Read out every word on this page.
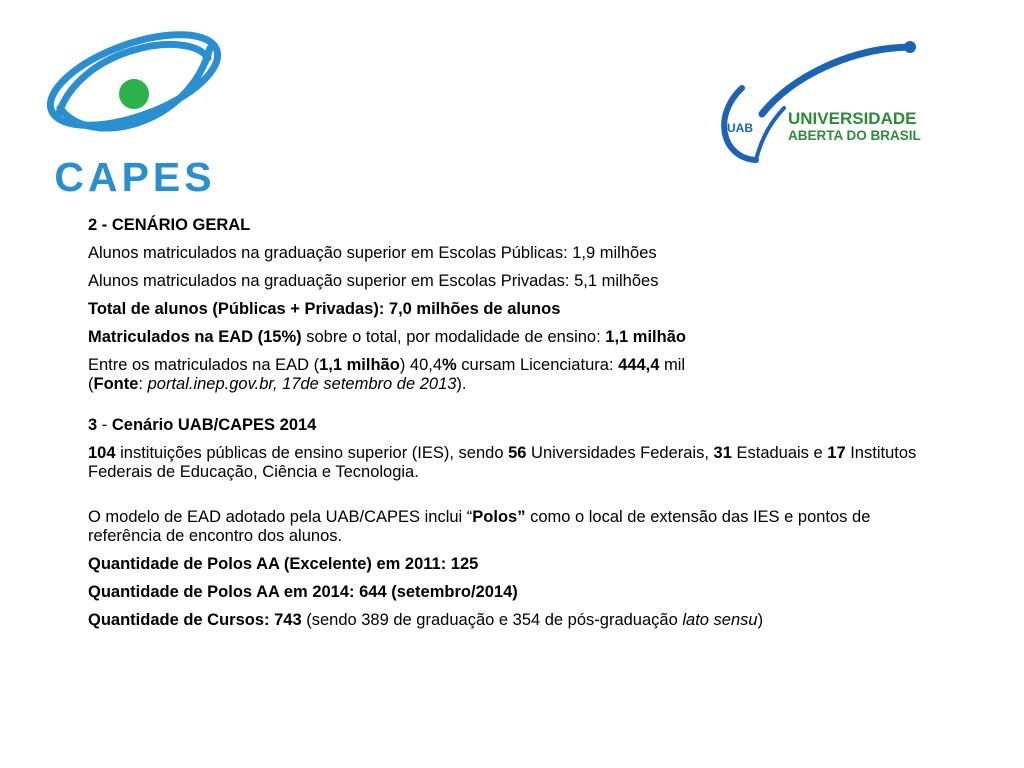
CAPES
UAB UNIVERSIDADE
ABERTA DO BRASIL

2 - CENÁRIO GERAL

Alunos matriculados na graduação superior em Escolas Públicas: 1,9 milhões

Alunos matriculados na graduação superior em Escolas Privadas: 5,1 milhões

Total de alunos (Públicas + Privadas): 7,0 milhões de alunos

Matriculados na EAD (15%) sobre o total, por modalidade de ensino: 1,1 milhão

Entre os matriculados na EAD (1,1 milhão) 40,4% cursam Licenciatura: 444,4 mil

(Fonte: portal.inep.gov.br, 17de setembro de 2013).

3 - Cenário UAB/CAPES 2014

104 instituições públicas de ensino superior (IES), sendo 56 Universidades Federais, 31 Estaduais e 17 Institutos Federais de Educação, Ciência e Tecnologia.

O modelo de EAD adotado pela UAB/CAPES inclui “Polos” como o local de extensão das IES e pontos de referência de encontro dos alunos.

Quantidade de Polos AA (Excelente) em 2011: 125

Quantidade de Polos AA em 2014: 644 (setembro/2014)

Quantidade de Cursos: 743 (sendo 389 de graduação e 354 de pós-graduação lato sensu)
